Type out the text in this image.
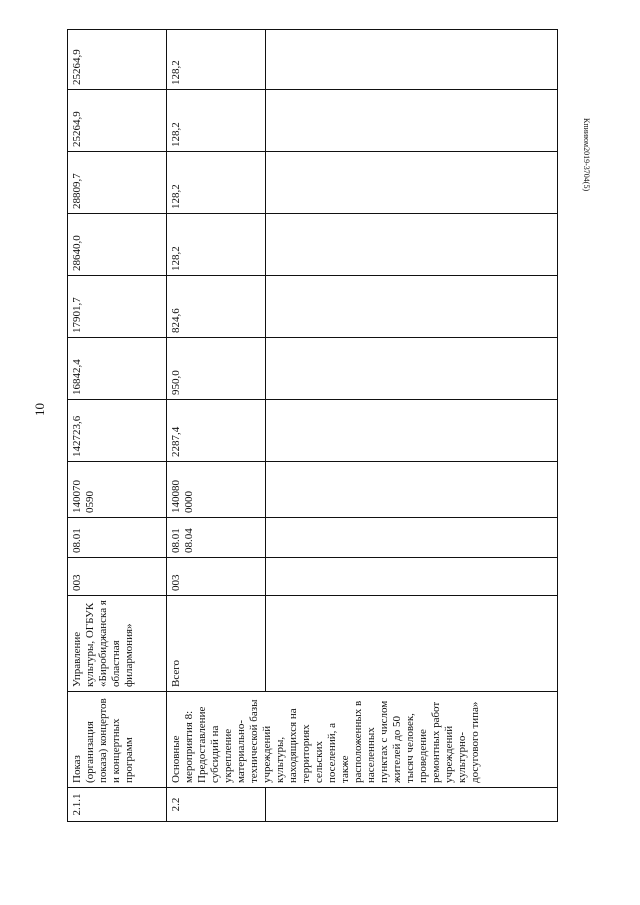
10
Кпииюм2019-3704(5)
2.1.1	Показ (организация показа) концертов и концертных программ	Управление культуры, ОГБУК «Биробиджанска я областная филармония»	003	08.01	140070 0590	142723,6	16842,4	17901,7	28640,0	28809,7	25264,9	25264,9
2.2	Основные мероприятия 8: Предоставление субсидий на укрепление материально-технической базы учреждений культуры, находящихся на территориях сельских поселений, а также расположенных в населенных пунктах с числом жителей до 50 тысяч человек, проведение ремонтных работ учреждений культурно-досугового типа»	Всего	003	08.01 08.04	140080 0000	2287,4	950,0	824,6	128,2	128,2	128,2	128,2
